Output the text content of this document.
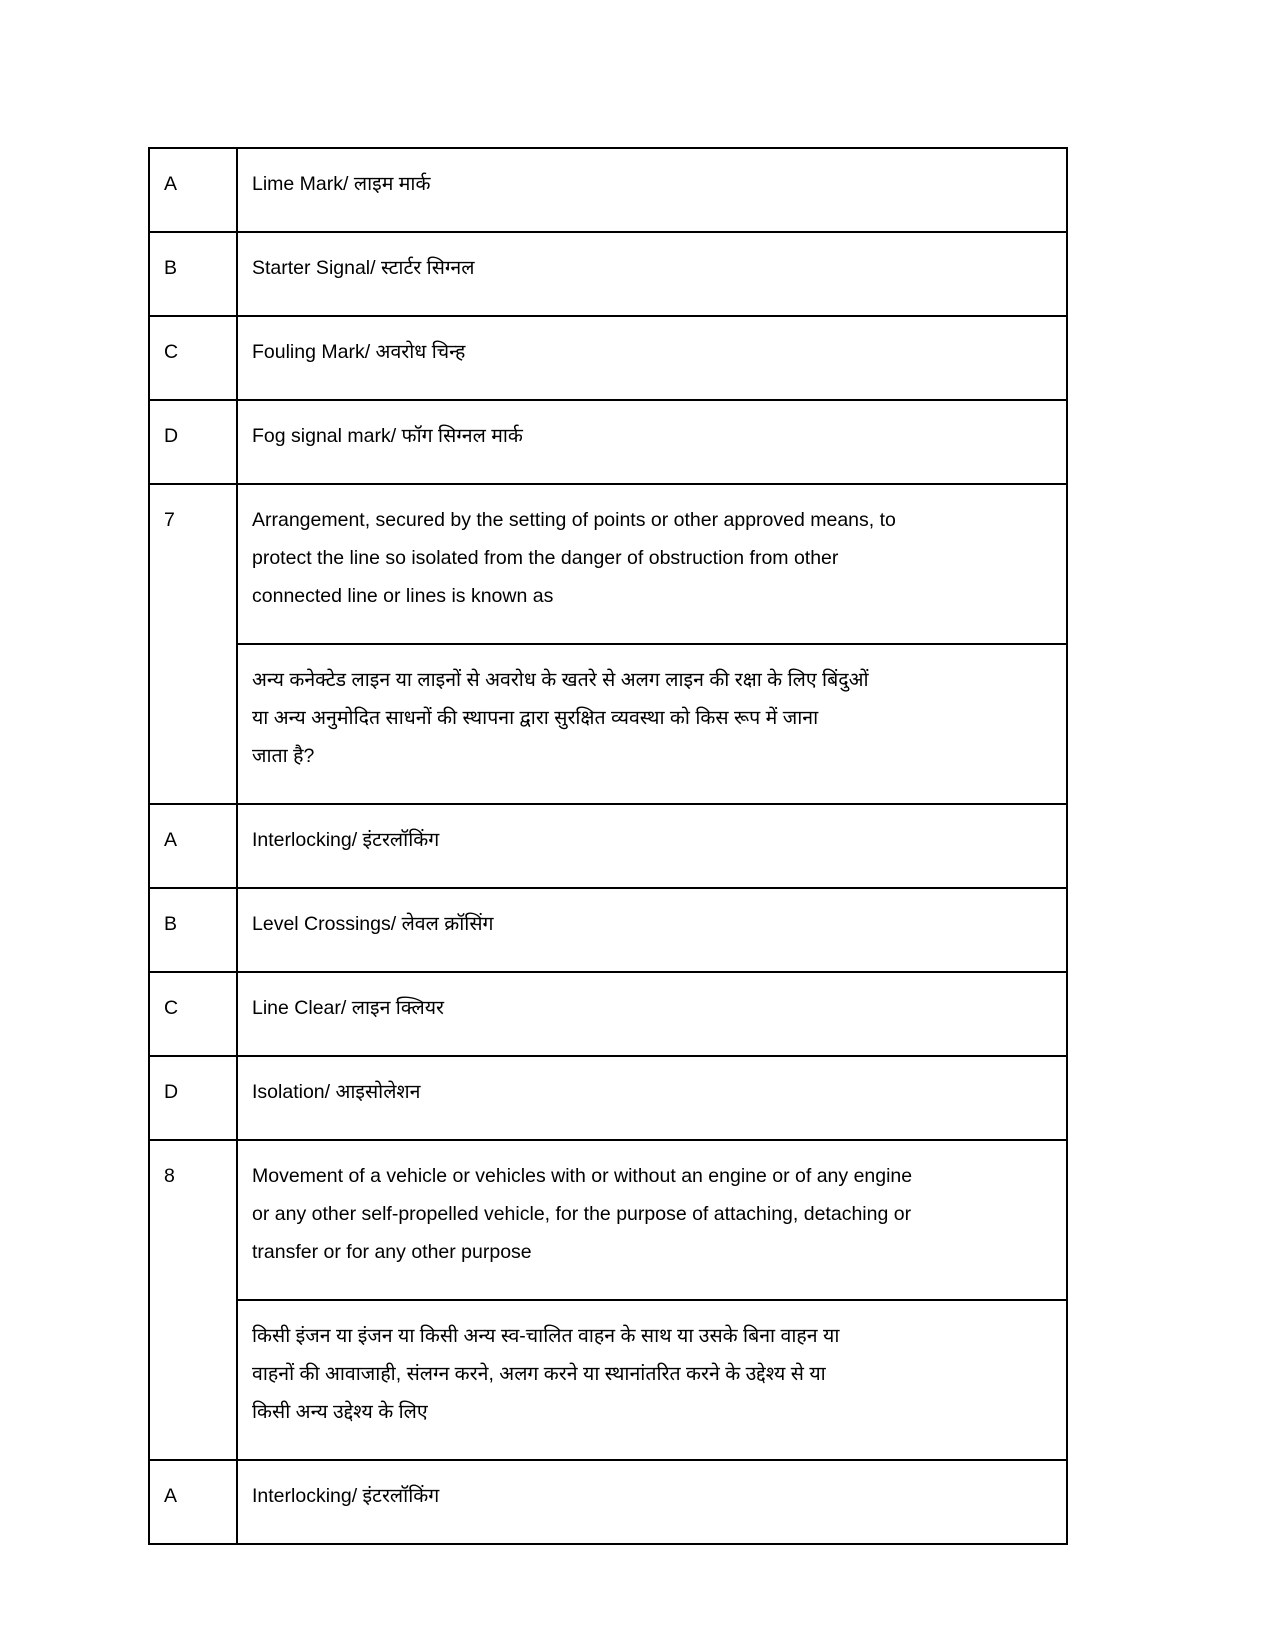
A	Lime Mark/ लाइम मार्क
B	Starter Signal/ स्टार्टर सिग्नल
C	Fouling Mark/ अवरोध चिन्ह
D	Fog signal mark/ फॉग सिग्नल मार्क
7	Arrangement, secured by the setting of points or other approved means, to
protect the line so isolated from the danger of obstruction from other
connected line or lines is known as

	अन्य कनेक्टेड लाइन या लाइनों से अवरोध के खतरे से अलग लाइन की रक्षा के लिए बिंदुओं
या अन्य अनुमोदित साधनों की स्थापना द्वारा सुरक्षित व्यवस्था को किस रूप में जाना
जाता है?

A	Interlocking/ इंटरलॉकिंग
B	Level Crossings/ लेवल क्रॉसिंग
C	Line Clear/ लाइन क्लियर
D	Isolation/ आइसोलेशन
8	Movement of a vehicle or vehicles with or without an engine or of any engine
or any other self-propelled vehicle, for the purpose of attaching, detaching or
transfer or for any other purpose

	किसी इंजन या इंजन या किसी अन्य स्व-चालित वाहन के साथ या उसके बिना वाहन या
वाहनों की आवाजाही, संलग्न करने, अलग करने या स्थानांतरित करने के उद्देश्य से या
किसी अन्य उद्देश्य के लिए

A	Interlocking/ इंटरलॉकिंग
